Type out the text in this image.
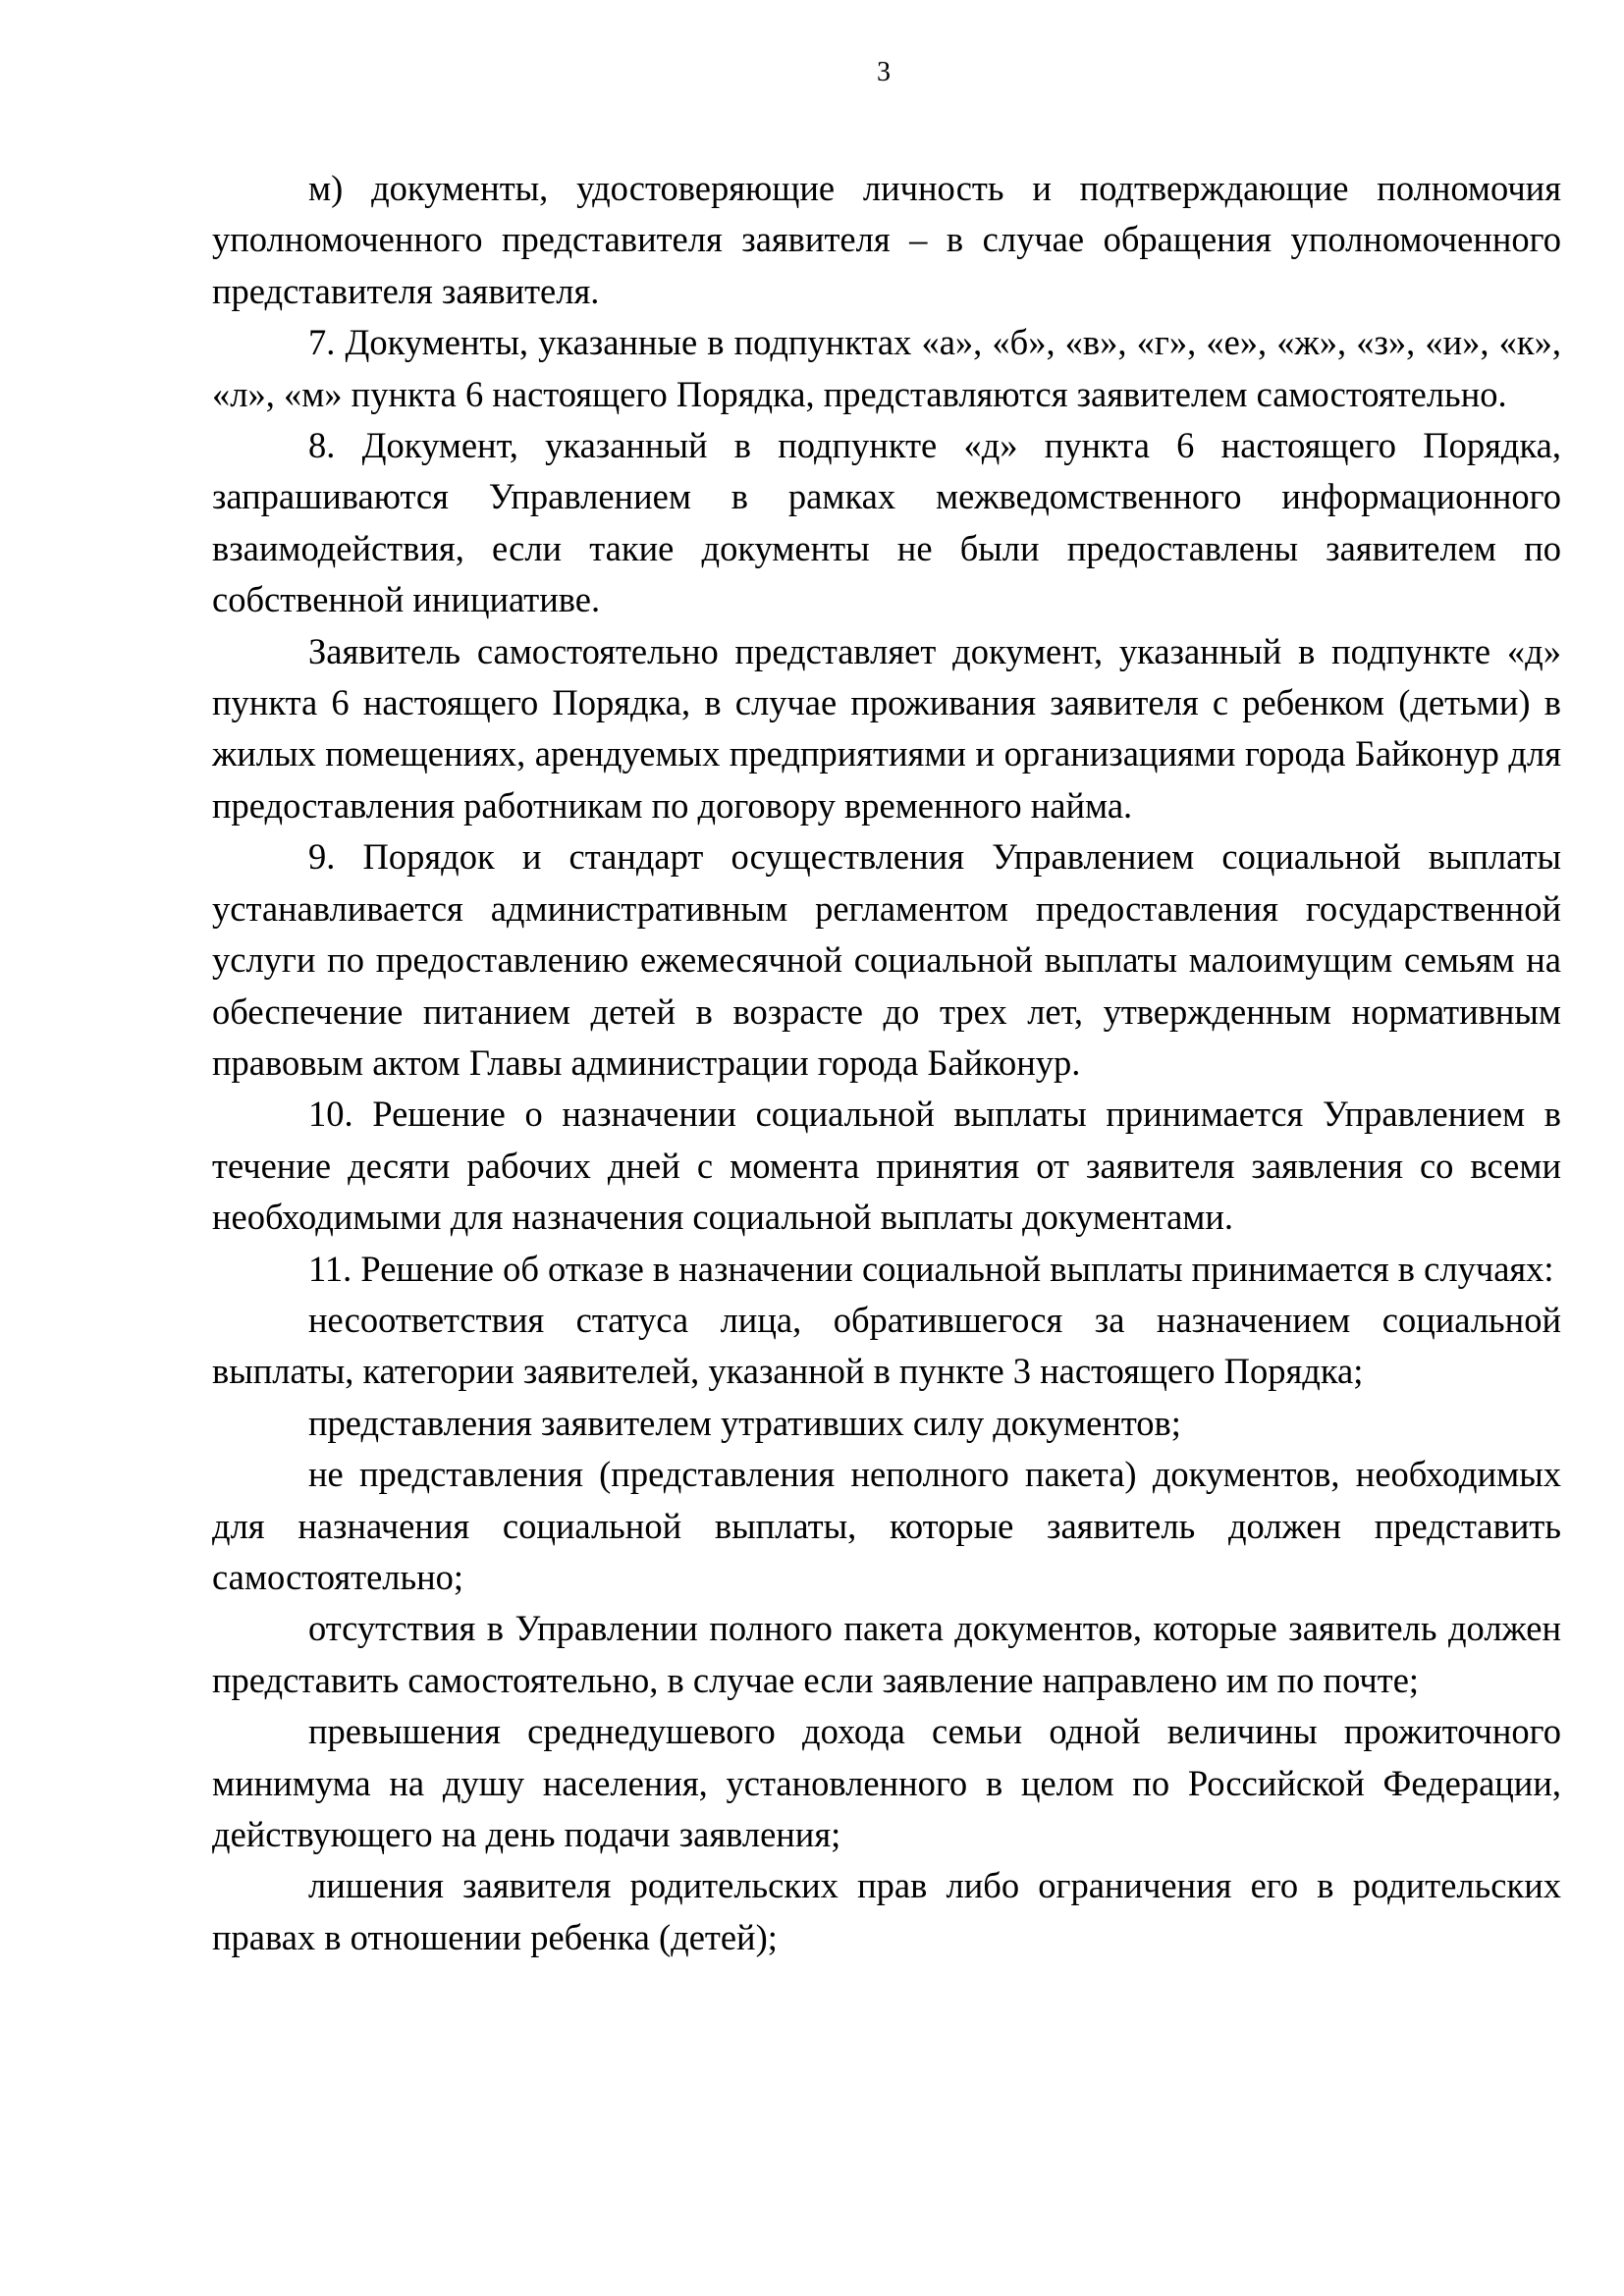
3

м) документы, удостоверяющие личность и подтверждающие полномочия уполномоченного представителя заявителя – в случае обращения уполномоченного представителя заявителя.

7. Документы, указанные в подпунктах «а», «б», «в», «г», «е», «ж», «з», «и», «к», «л», «м» пункта 6 настоящего Порядка, представляются заявителем самостоятельно.

8. Документ, указанный в подпункте «д» пункта 6 настоящего Порядка, запрашиваются Управлением в рамках межведомственного информационного взаимодействия, если такие документы не были предоставлены заявителем по собственной инициативе.

Заявитель самостоятельно представляет документ, указанный в подпункте «д» пункта 6 настоящего Порядка, в случае проживания заявителя с ребенком (детьми) в жилых помещениях, арендуемых предприятиями и организациями города Байконур для предоставления работникам по договору временного найма.

9. Порядок и стандарт осуществления Управлением социальной выплаты устанавливается административным регламентом предоставления государственной услуги по предоставлению ежемесячной социальной выплаты малоимущим семьям на обеспечение питанием детей в возрасте до трех лет, утвержденным нормативным правовым актом Главы администрации города Байконур.

10. Решение о назначении социальной выплаты принимается Управлением в течение десяти рабочих дней с момента принятия от заявителя заявления со всеми необходимыми для назначения социальной выплаты документами.

11. Решение об отказе в назначении социальной выплаты принимается в случаях:

несоответствия статуса лица, обратившегося за назначением социальной выплаты, категории заявителей, указанной в пункте 3 настоящего Порядка;

представления заявителем утративших силу документов;

не представления (представления неполного пакета) документов, необходимых для назначения социальной выплаты, которые заявитель должен представить самостоятельно;

отсутствия в Управлении полного пакета документов, которые заявитель должен представить самостоятельно, в случае если заявление направлено им по почте;

превышения среднедушевого дохода семьи одной величины прожиточного минимума на душу населения, установленного в целом по Российской Федерации, действующего на день подачи заявления;

лишения заявителя родительских прав либо ограничения его в родительских правах в отношении ребенка (детей);
